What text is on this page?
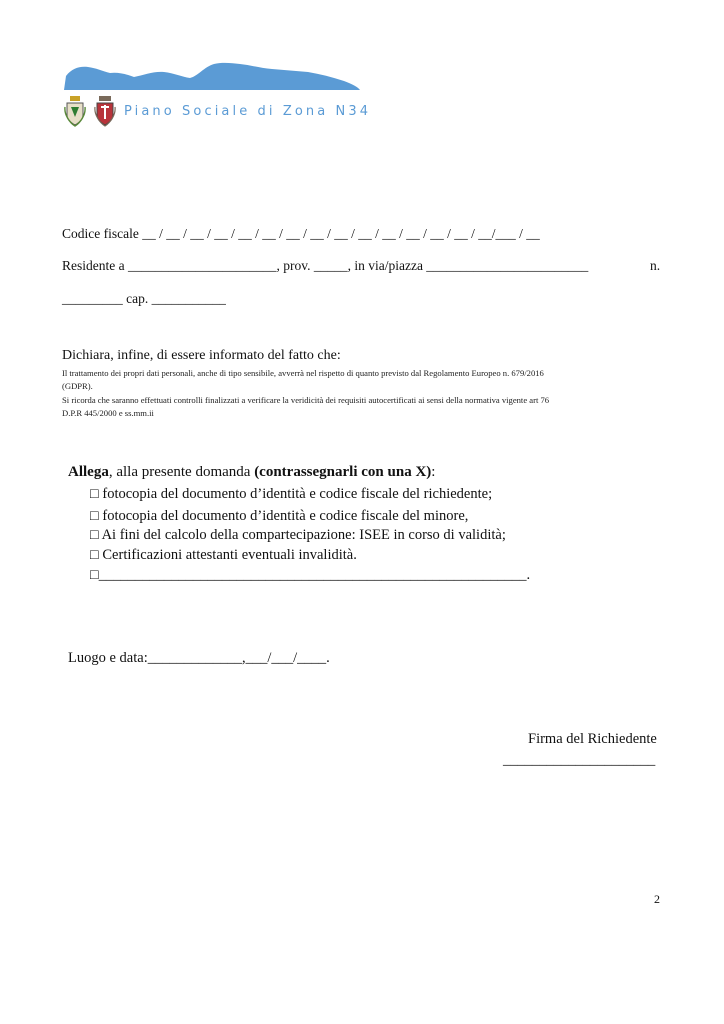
Piano Sociale di Zona N34
Codice fiscale __ / __ / __ / __ / __ / __ / __ / __ / __ / __ / __ / __ / __ / __ / __/___ / __
Residente a ______________________, prov. _____, in via/piazza ________________________	n.
_________ cap. ___________
Dichiara, infine, di essere informato del fatto che:
Il trattamento dei propri dati personali, anche di tipo sensibile, avverrà nel rispetto di quanto previsto dal Regolamento Europeo n. 679/2016
(GDPR).
Si ricorda che saranno effettuati controlli finalizzati a verificare la veridicità dei requisiti autocertificati ai sensi della normativa vigente art 76
D.P.R 445/2000 e ss.mm.ii
Allega, alla presente domanda (contrassegnarli con una X):
□ fotocopia del documento d’identità e codice fiscale del richiedente;
□ fotocopia del documento d’identità e codice fiscale del minore,
□ Ai fini del calcolo della compartecipazione: ISEE in corso di validità;
□ Certificazioni attestanti eventuali invalidità.
□___________________________________________________________.
Luogo e data:_____________,___/___/____.
Firma del Richiedente
_____________________
2
